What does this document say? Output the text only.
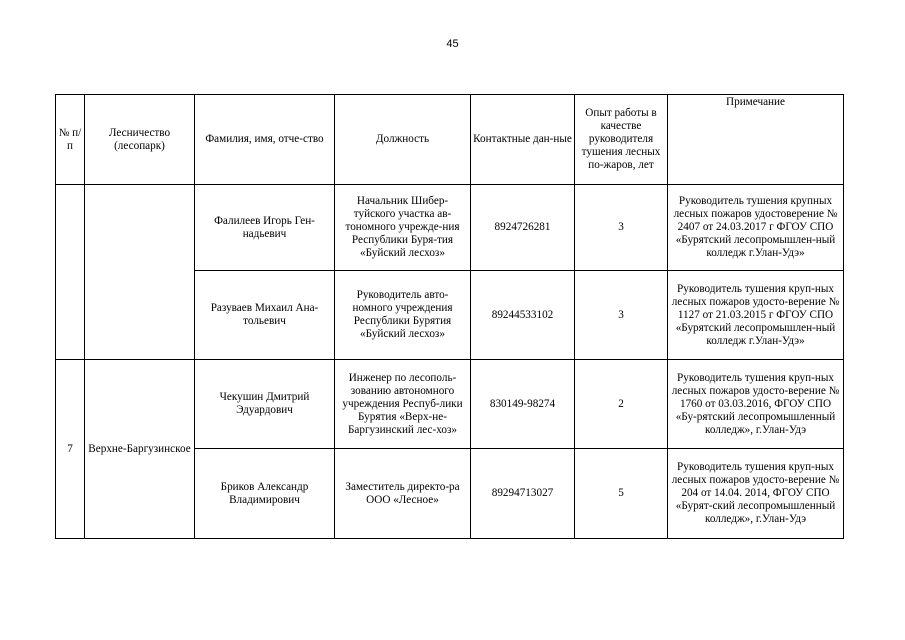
45
№ п/п	Лесничество (лесопарк)	Фамилия, имя, отче-ство	Должность	Контактные дан-ные	Опыт работы в качестве руководителя тушения лесных по-жаров, лет	Примечание
		Фалилеев Игорь Ген-надьевич	Начальник Шибер-туйского участка ав-тономного учрежде-ния Республики Буря-тия «Буйский лесхоз»	8924726281	3	Руководитель тушения крупных лесных пожаров удостоверение № 2407 от 24.03.2017 г ФГОУ СПО «Бурятский лесопромышлен-ный колледж г.Улан-Удэ»
		Разуваев Михаил Ана-тольевич	Руководитель авто-номного учреждения Республики Бурятия «Буйский лесхоз»	89244533102	3	Руководитель тушения круп-ных лесных пожаров удосто-верение № 1127 от 21.03.2015 г ФГОУ СПО «Бурятский лесопромышлен-ный колледж г.Улан-Удэ»
7	Верхне-Баргузинское	Чекушин Дмитрий Эдуардович	Инженер по лесополь-зованию автономного учреждения Респуб-лики Бурятия «Верх-не-Баргузинский лес-хоз»	830149-98274	2	Руководитель тушения круп-ных лесных пожаров удосто-верение № 1760 от 03.03.2016, ФГОУ СПО «Бу-рятский лесопромышленный колледж», г.Улан-Удэ
		Бриков Александр Владимирович	Заместитель директо-ра ООО «Лесное»	89294713027	5	Руководитель тушения круп-ных лесных пожаров удосто-верение № 204 от 14.04. 2014, ФГОУ СПО «Бурят-ский лесопромышленный колледж», г.Улан-Удэ
